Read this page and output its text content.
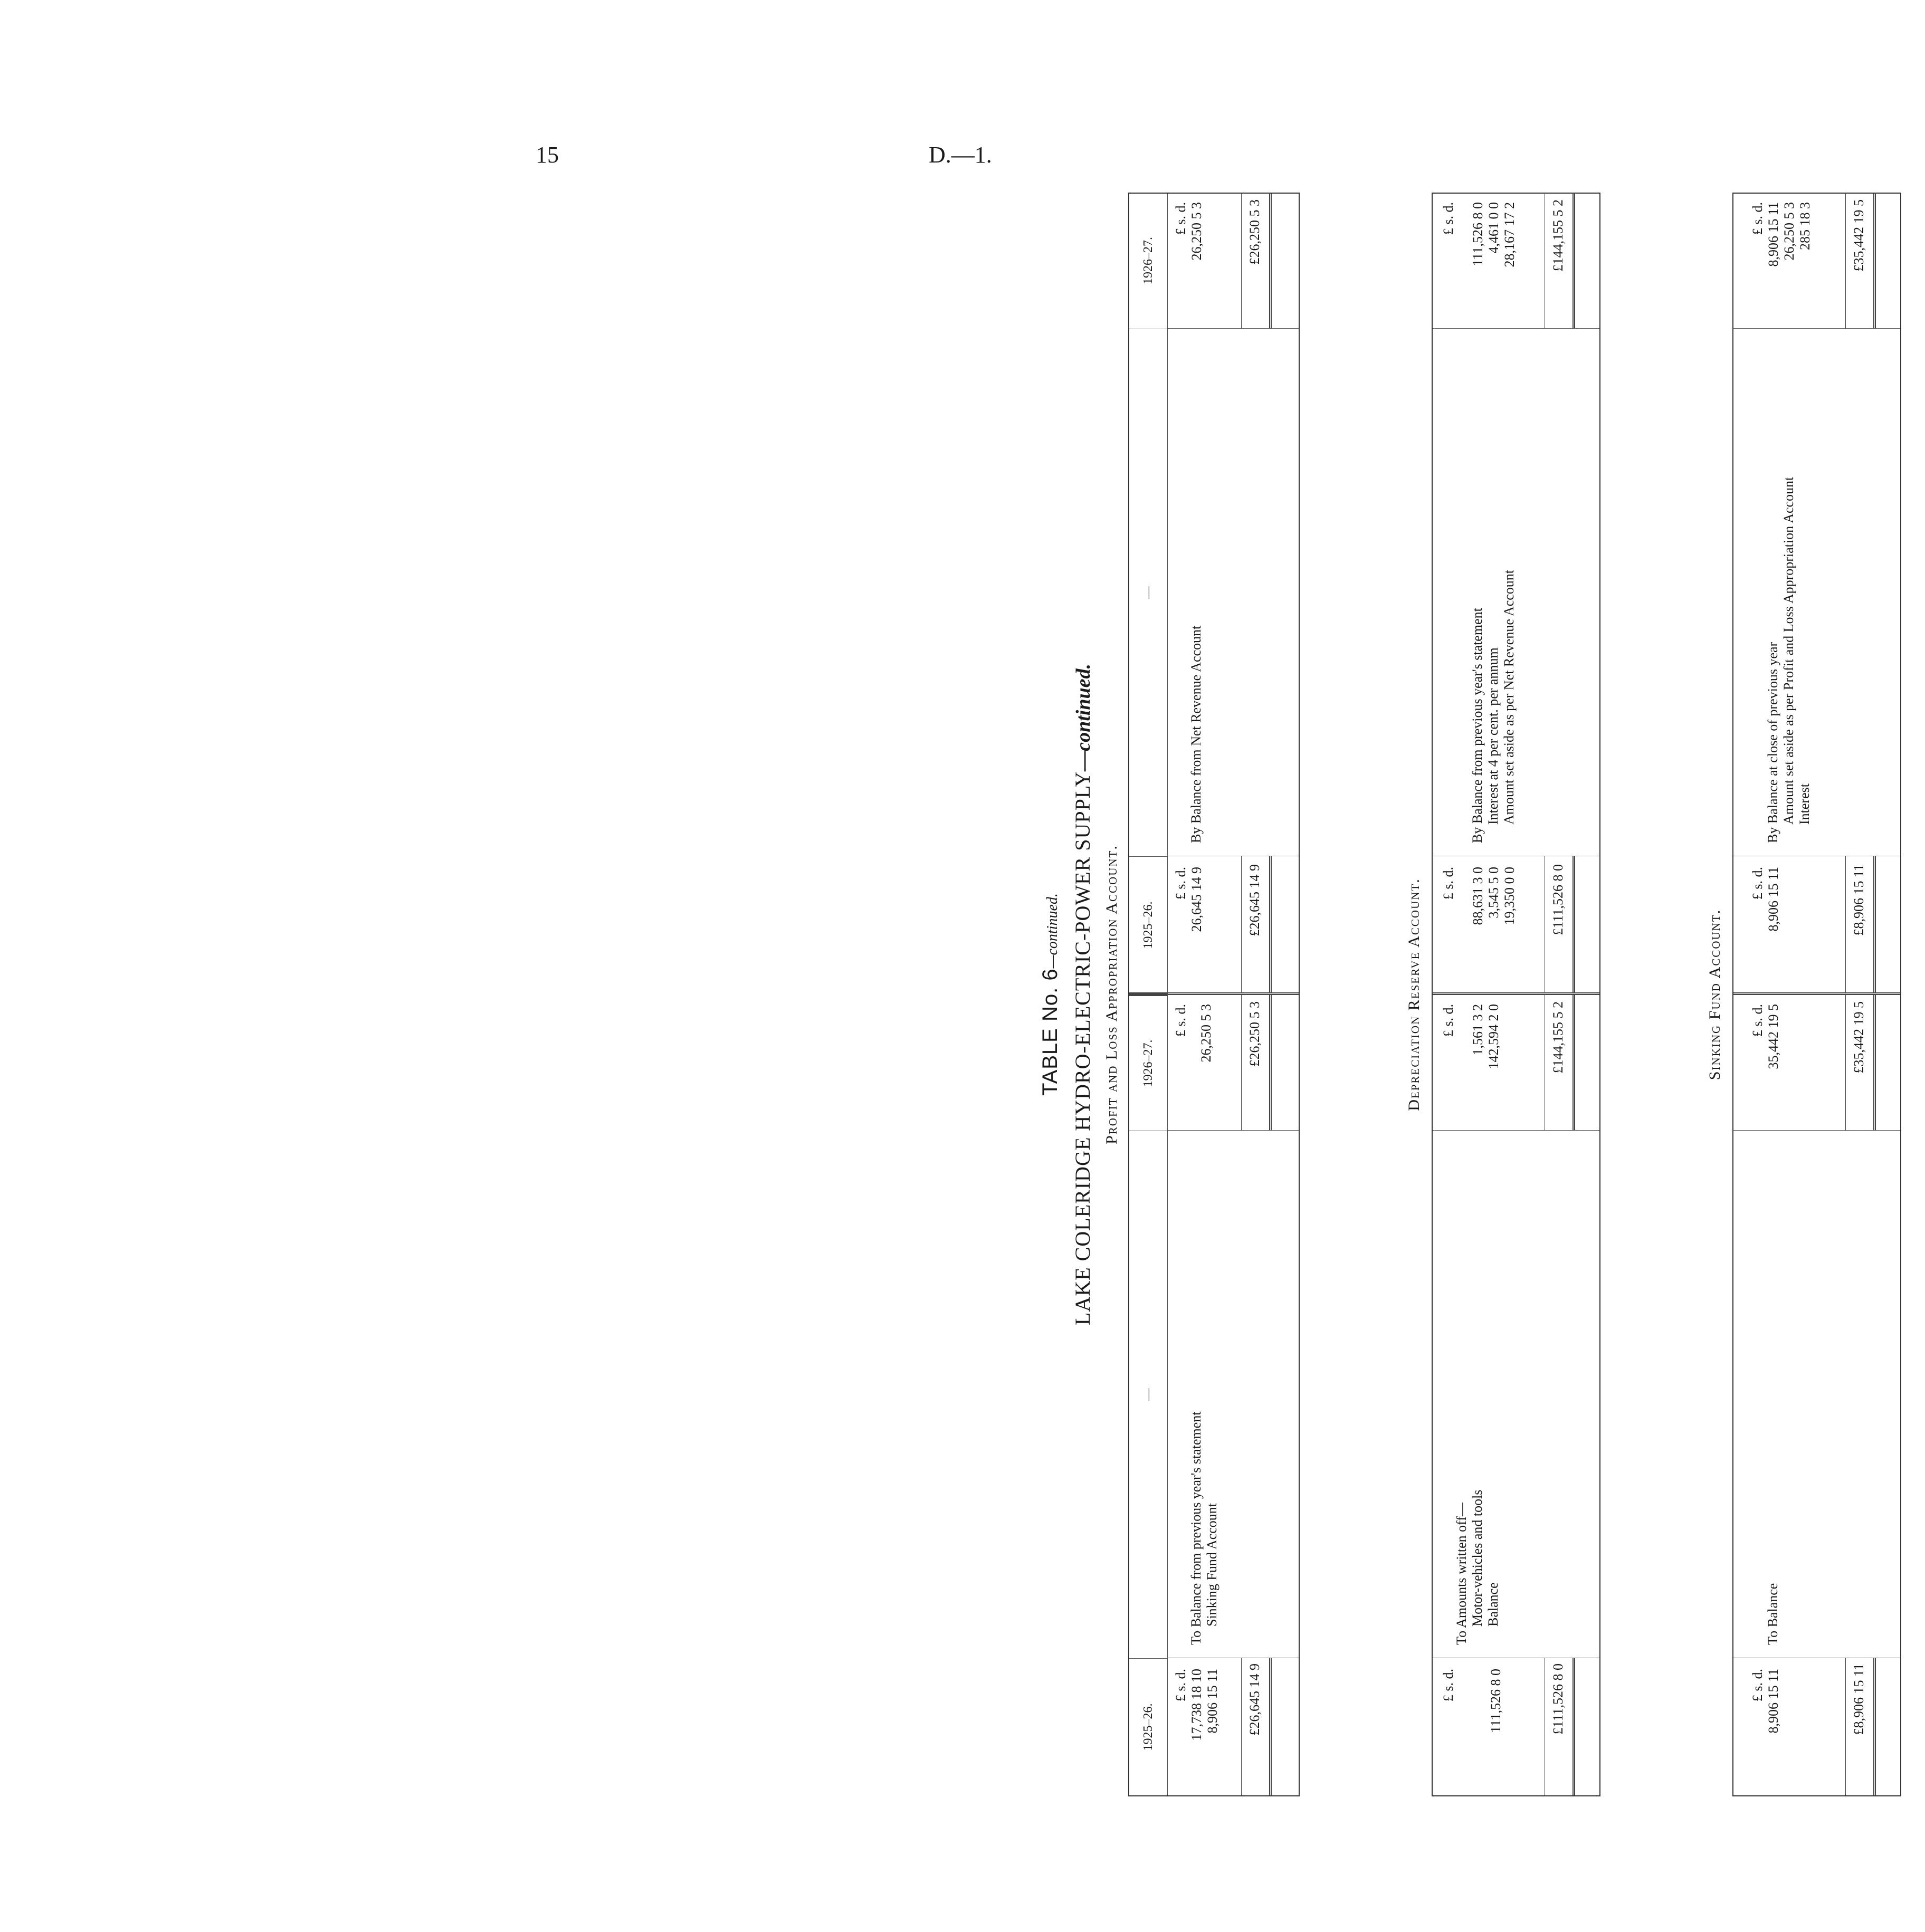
15	D.—1.
TABLE No. 6—continued. LAKE COLERIDGE HYDRO-ELECTRIC-POWER SUPPLY—continued.
Profit and Loss Appropriation Account.
1925–26.
—
1926–27.
1925–26.
—
1926–27.
£ s. d. 17,738 18 10 8,906 15 11
To Balance from previous year's statement Sinking Fund Account
£ s. d. 26,250 5 3
£26,645 14 9
£26,250 5 3
£ s. d. 26,645 14 9
By Balance from Net Revenue Account
£ s. d. 26,250 5 3
£26,645 14 9
£26,250 5 3
Depreciation Reserve Account.
£ s. d. 111,526 8 0
To Amounts written off— Motor-vehicles and tools Balance
£ s. d. 1,561 3 2 142,594 2 0
£111,526 8 0
£144,155 5 2
£ s. d. 88,631 3 0 3,545 5 0 19,350 0 0
By Balance from previous year's statement Interest at 4 per cent. per annum Amount set aside as per Net Revenue Account
£ s. d. 111,526 8 0 4,461 0 0 28,167 17 2
£111,526 8 0
£144,155 5 2
Sinking Fund Account.
£ s. d. 8,906 15 11
To Balance
£ s. d. 35,442 19 5
£8,906 15 11
£35,442 19 5
£ s. d. 8,906 15 11
By Balance at close of previous year Amount set aside as per Profit and Loss Appropriation Account Interest
£ s. d. 8,906 15 11 26,250 5 3 285 18 3
£8,906 15 11
£35,442 19 5
